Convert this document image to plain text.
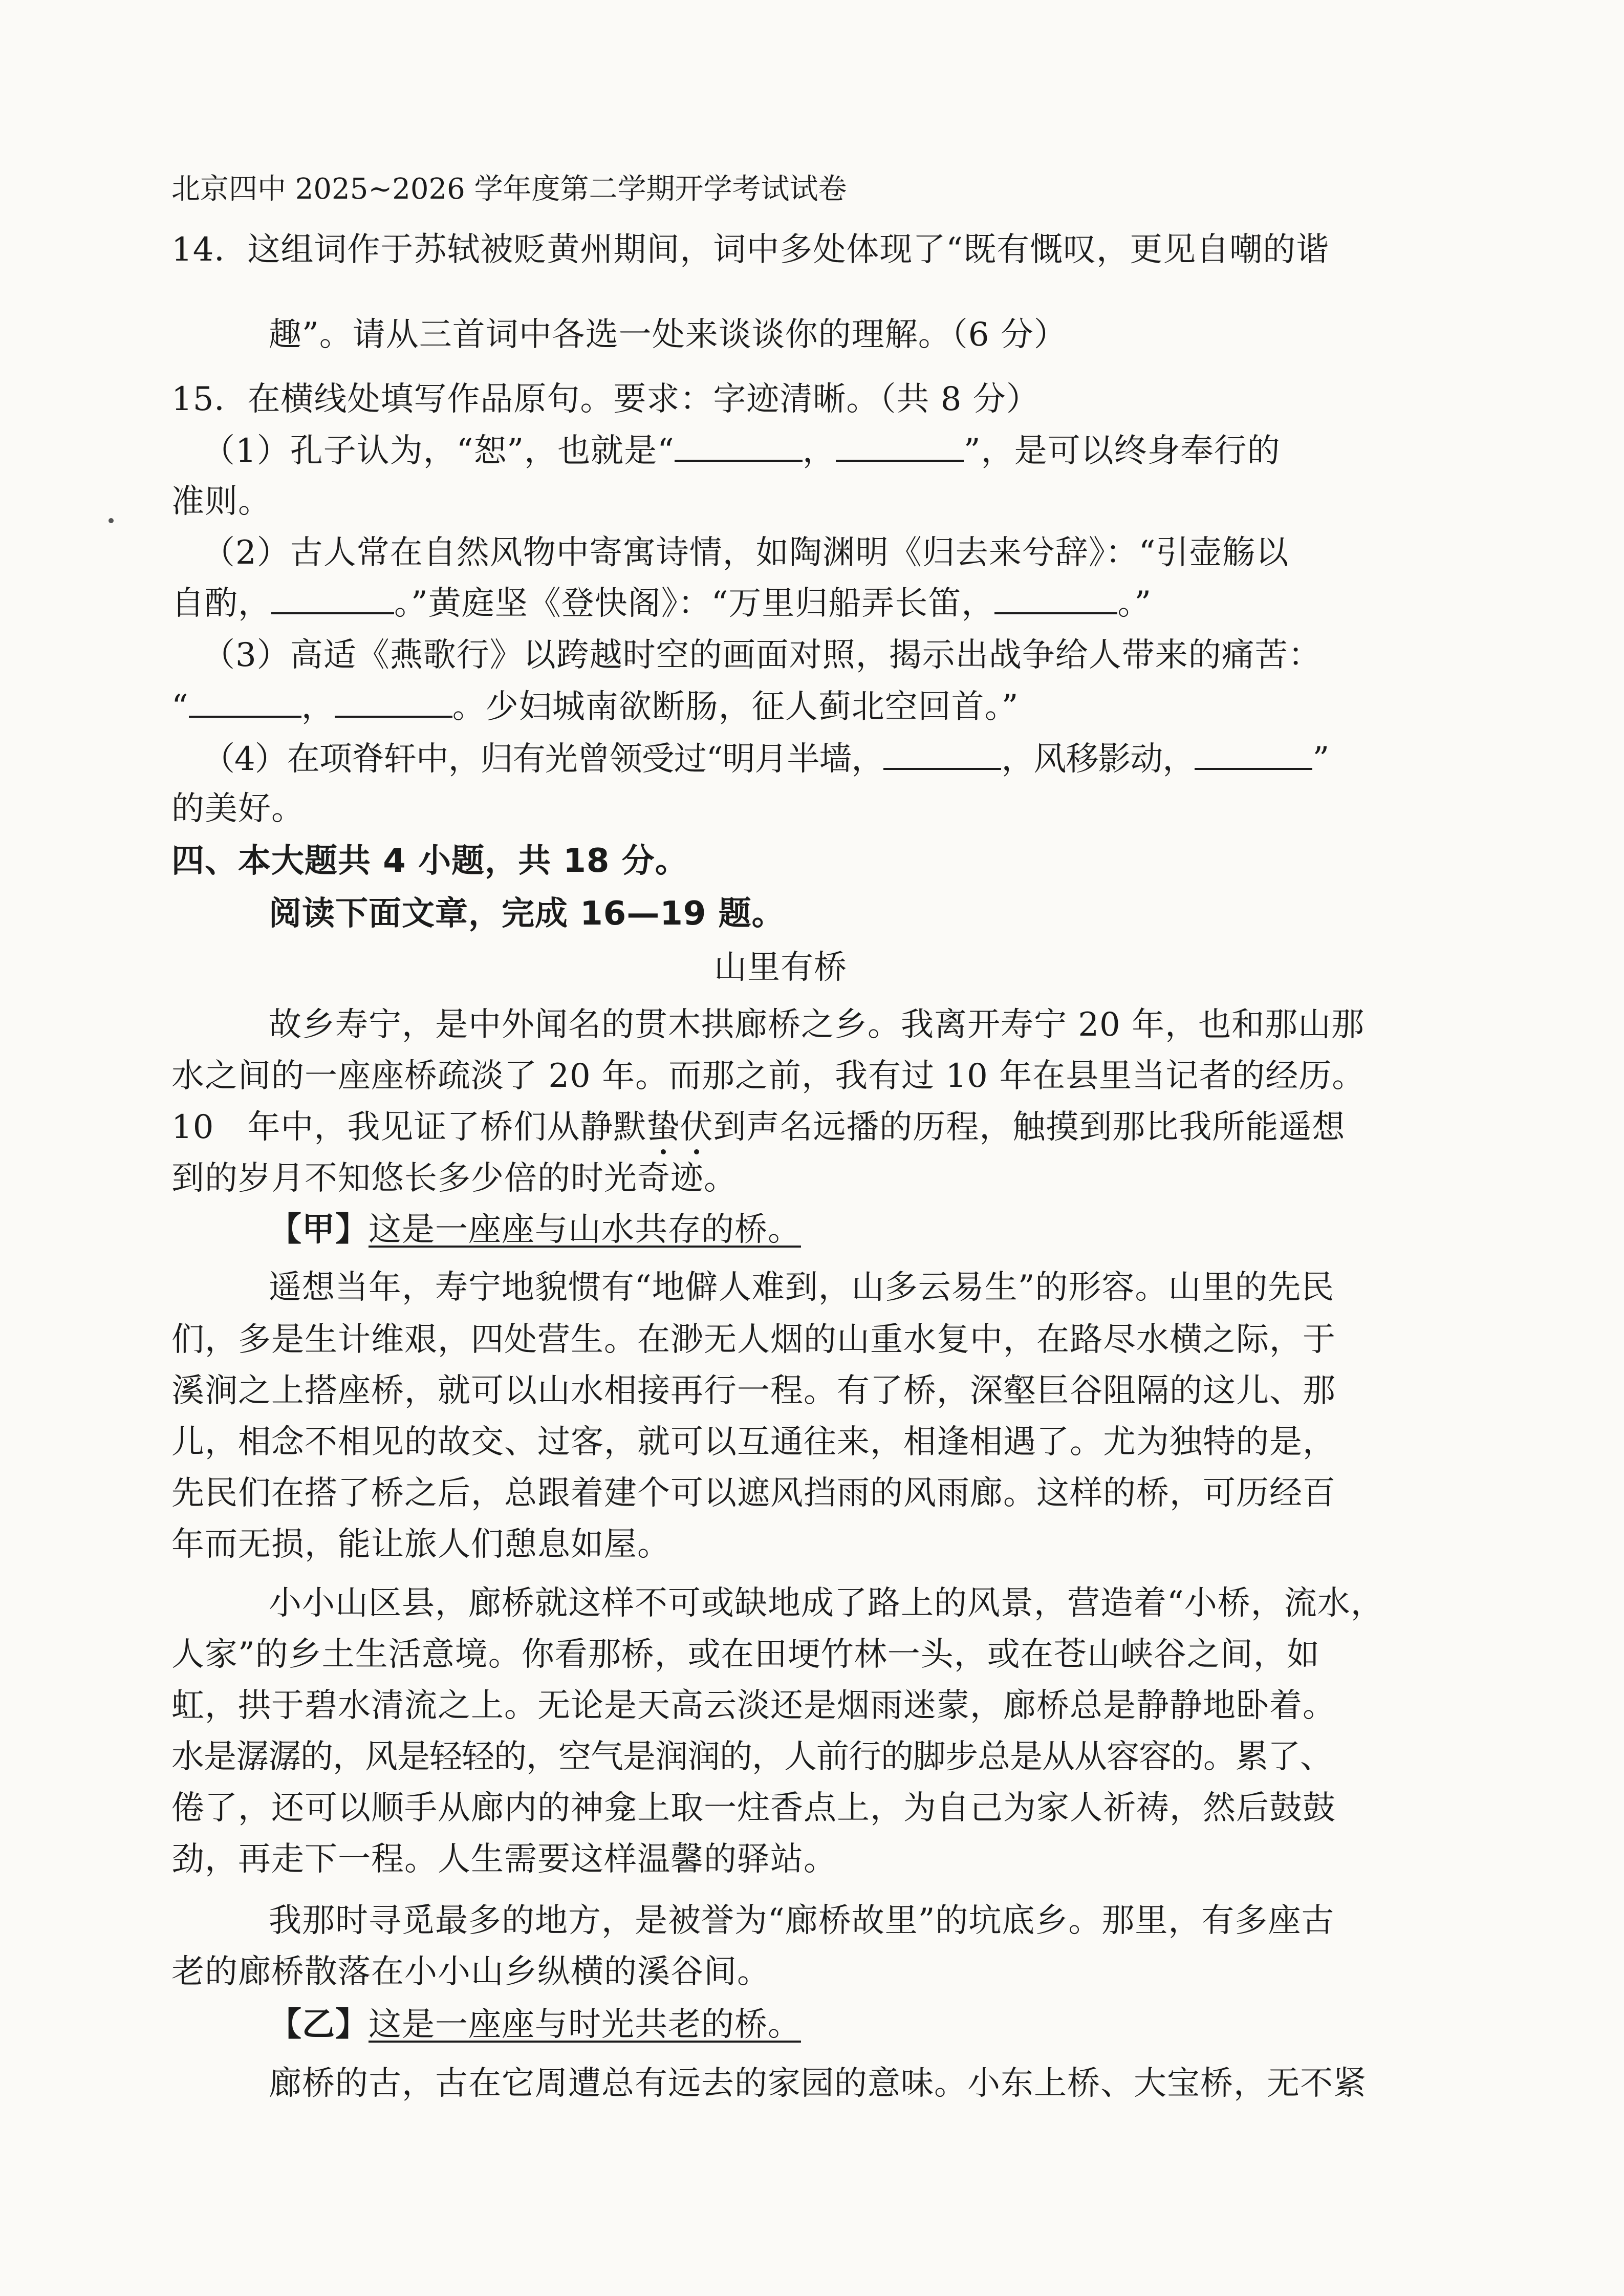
北京四中 2025~2026 学年度第二学期开学考试试卷

14．这组词作于苏轼被贬黄州期间，词中多处体现了“既有慨叹，更见自嘲的谐

趣”。请从三首词中各选一处来谈谈你的理解。（6 分）

15．在横线处填写作品原句。要求：字迹清晰。（共 8 分）

（1）孔子认为，“恕”，也就是“	，	”，是可以终身奉行的

准则。

（2）古人常在自然风物中寄寓诗情，如陶渊明《归去来兮辞》：“引壶觞以

自酌，	。”黄庭坚《登快阁》：“万里归船弄长笛，	。”

（3）高适《燕歌行》以跨越时空的画面对照，揭示出战争给人带来的痛苦：

“	，	。少妇城南欲断肠，征人蓟北空回首。”

（4）在项脊轩中，归有光曾领受过“明月半墙，	，风移影动，	”

的美好。

四、本大题共 4 小题，共 18 分。

阅读下面文章，完成 16—19 题。

山里有桥

故乡寿宁，是中外闻名的贯木拱廊桥之乡。我离开寿宁 20 年，也和那山那

水之间的一座座桥疏淡了 20 年。而那之前，我有过 10 年在县里当记者的经历。

10　年中，我见证了桥们从静默蛰伏到声名远播的历程，触摸到那比我所能遥想

到的岁月不知悠长多少倍的时光奇迹。

【甲】这是一座座与山水共存的桥。

遥想当年，寿宁地貌惯有“地僻人难到，山多云易生”的形容。山里的先民

们，多是生计维艰，四处营生。在渺无人烟的山重水复中，在路尽水横之际，于

溪涧之上搭座桥，就可以山水相接再行一程。有了桥，深壑巨谷阻隔的这儿、那

儿，相念不相见的故交、过客，就可以互通往来，相逢相遇了。尤为独特的是，

先民们在搭了桥之后，总跟着建个可以遮风挡雨的风雨廊。这样的桥，可历经百

年而无损，能让旅人们憩息如屋。

小小山区县，廊桥就这样不可或缺地成了路上的风景，营造着“小桥，流水，

人家”的乡土生活意境。你看那桥，或在田埂竹林一头，或在苍山峡谷之间，如

虹，拱于碧水清流之上。无论是天高云淡还是烟雨迷蒙，廊桥总是静静地卧着。

水是潺潺的，风是轻轻的，空气是润润的，人前行的脚步总是从从容容的。累了、

倦了，还可以顺手从廊内的神龛上取一炷香点上，为自己为家人祈祷，然后鼓鼓

劲，再走下一程。人生需要这样温馨的驿站。

我那时寻觅最多的地方，是被誉为“廊桥故里”的坑底乡。那里，有多座古

老的廊桥散落在小小山乡纵横的溪谷间。

【乙】这是一座座与时光共老的桥。

廊桥的古，古在它周遭总有远去的家园的意味。小东上桥、大宝桥，无不紧
